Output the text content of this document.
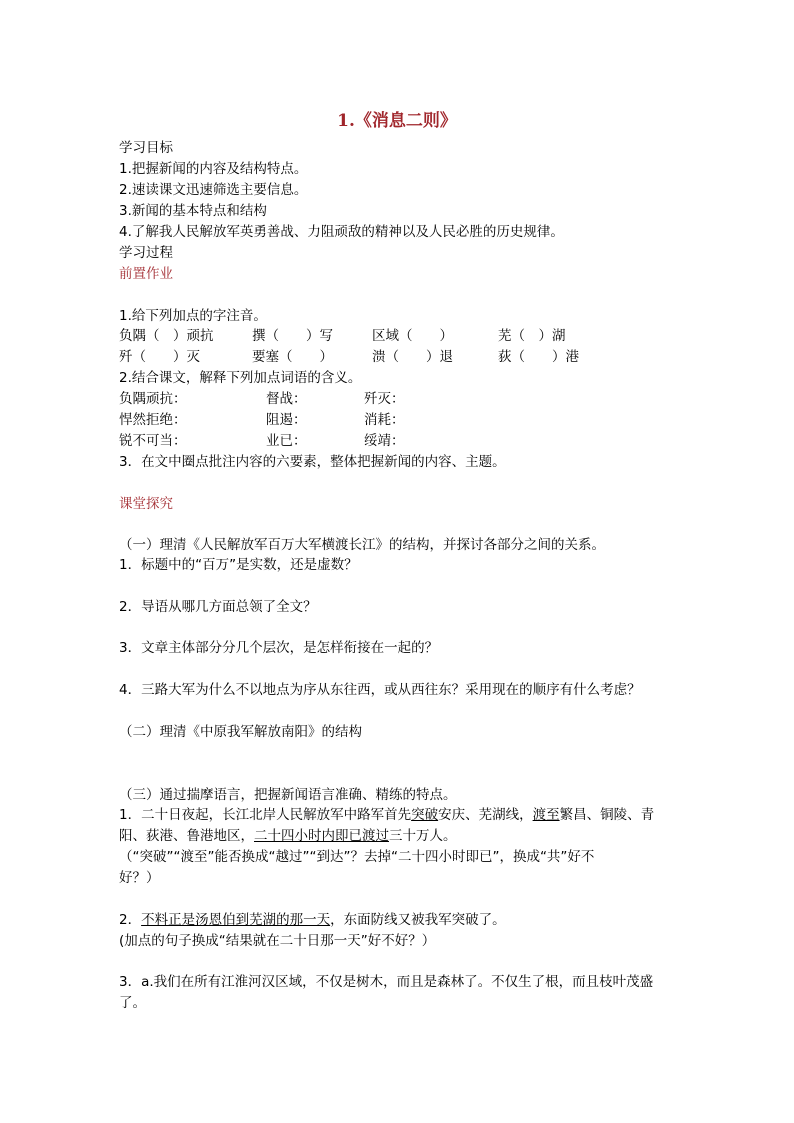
1.《消息二则》
学习目标
1.把握新闻的内容及结构特点。
2.速读课文迅速筛选主要信息。
3.新闻的基本特点和结构
4.了解我人民解放军英勇善战、力阻顽敌的精神以及人民必胜的历史规律。
学习过程
前置作业
1.给下列加点的字注音。
负隅（　）顽抗	撰（　　）写	区域（　　）	芜（　）湖
歼（　　）灭	要塞（　　）	溃（　　）退	荻（　　）港
2.结合课文，解释下列加点词语的含义。
负隅顽抗：	督战：	歼灭：
悍然拒绝：	阻遏：	消耗：
锐不可当：	业已：	绥靖：
3．在文中圈点批注内容的六要素，整体把握新闻的内容、主题。
课堂探究
（一）理清《人民解放军百万大军横渡长江》的结构，并探讨各部分之间的关系。
1．标题中的“百万”是实数，还是虚数？
2．导语从哪几方面总领了全文？
3．文章主体部分分几个层次，是怎样衔接在一起的？
4．三路大军为什么不以地点为序从东往西，或从西往东？采用现在的顺序有什么考虑？
（二）理清《中原我军解放南阳》的结构
（三）通过揣摩语言，把握新闻语言准确、精练的特点。
1．二十日夜起，长江北岸人民解放军中路军首先突破安庆、芜湖线，渡至繁昌、铜陵、青
阳、荻港、鲁港地区，二十四小时内即已渡过三十万人。
（“突破”“渡至”能否换成“越过”“到达”？去掉“二十四小时即已”，换成“共”好不
好？）
2．不料正是汤恩伯到芜湖的那一天，东面防线又被我军突破了。
(加点的句子换成“结果就在二十日那一天”好不好？）
3．a.我们在所有江淮河汉区域，不仅是树木，而且是森林了。不仅生了根，而且枝叶茂盛
了。
